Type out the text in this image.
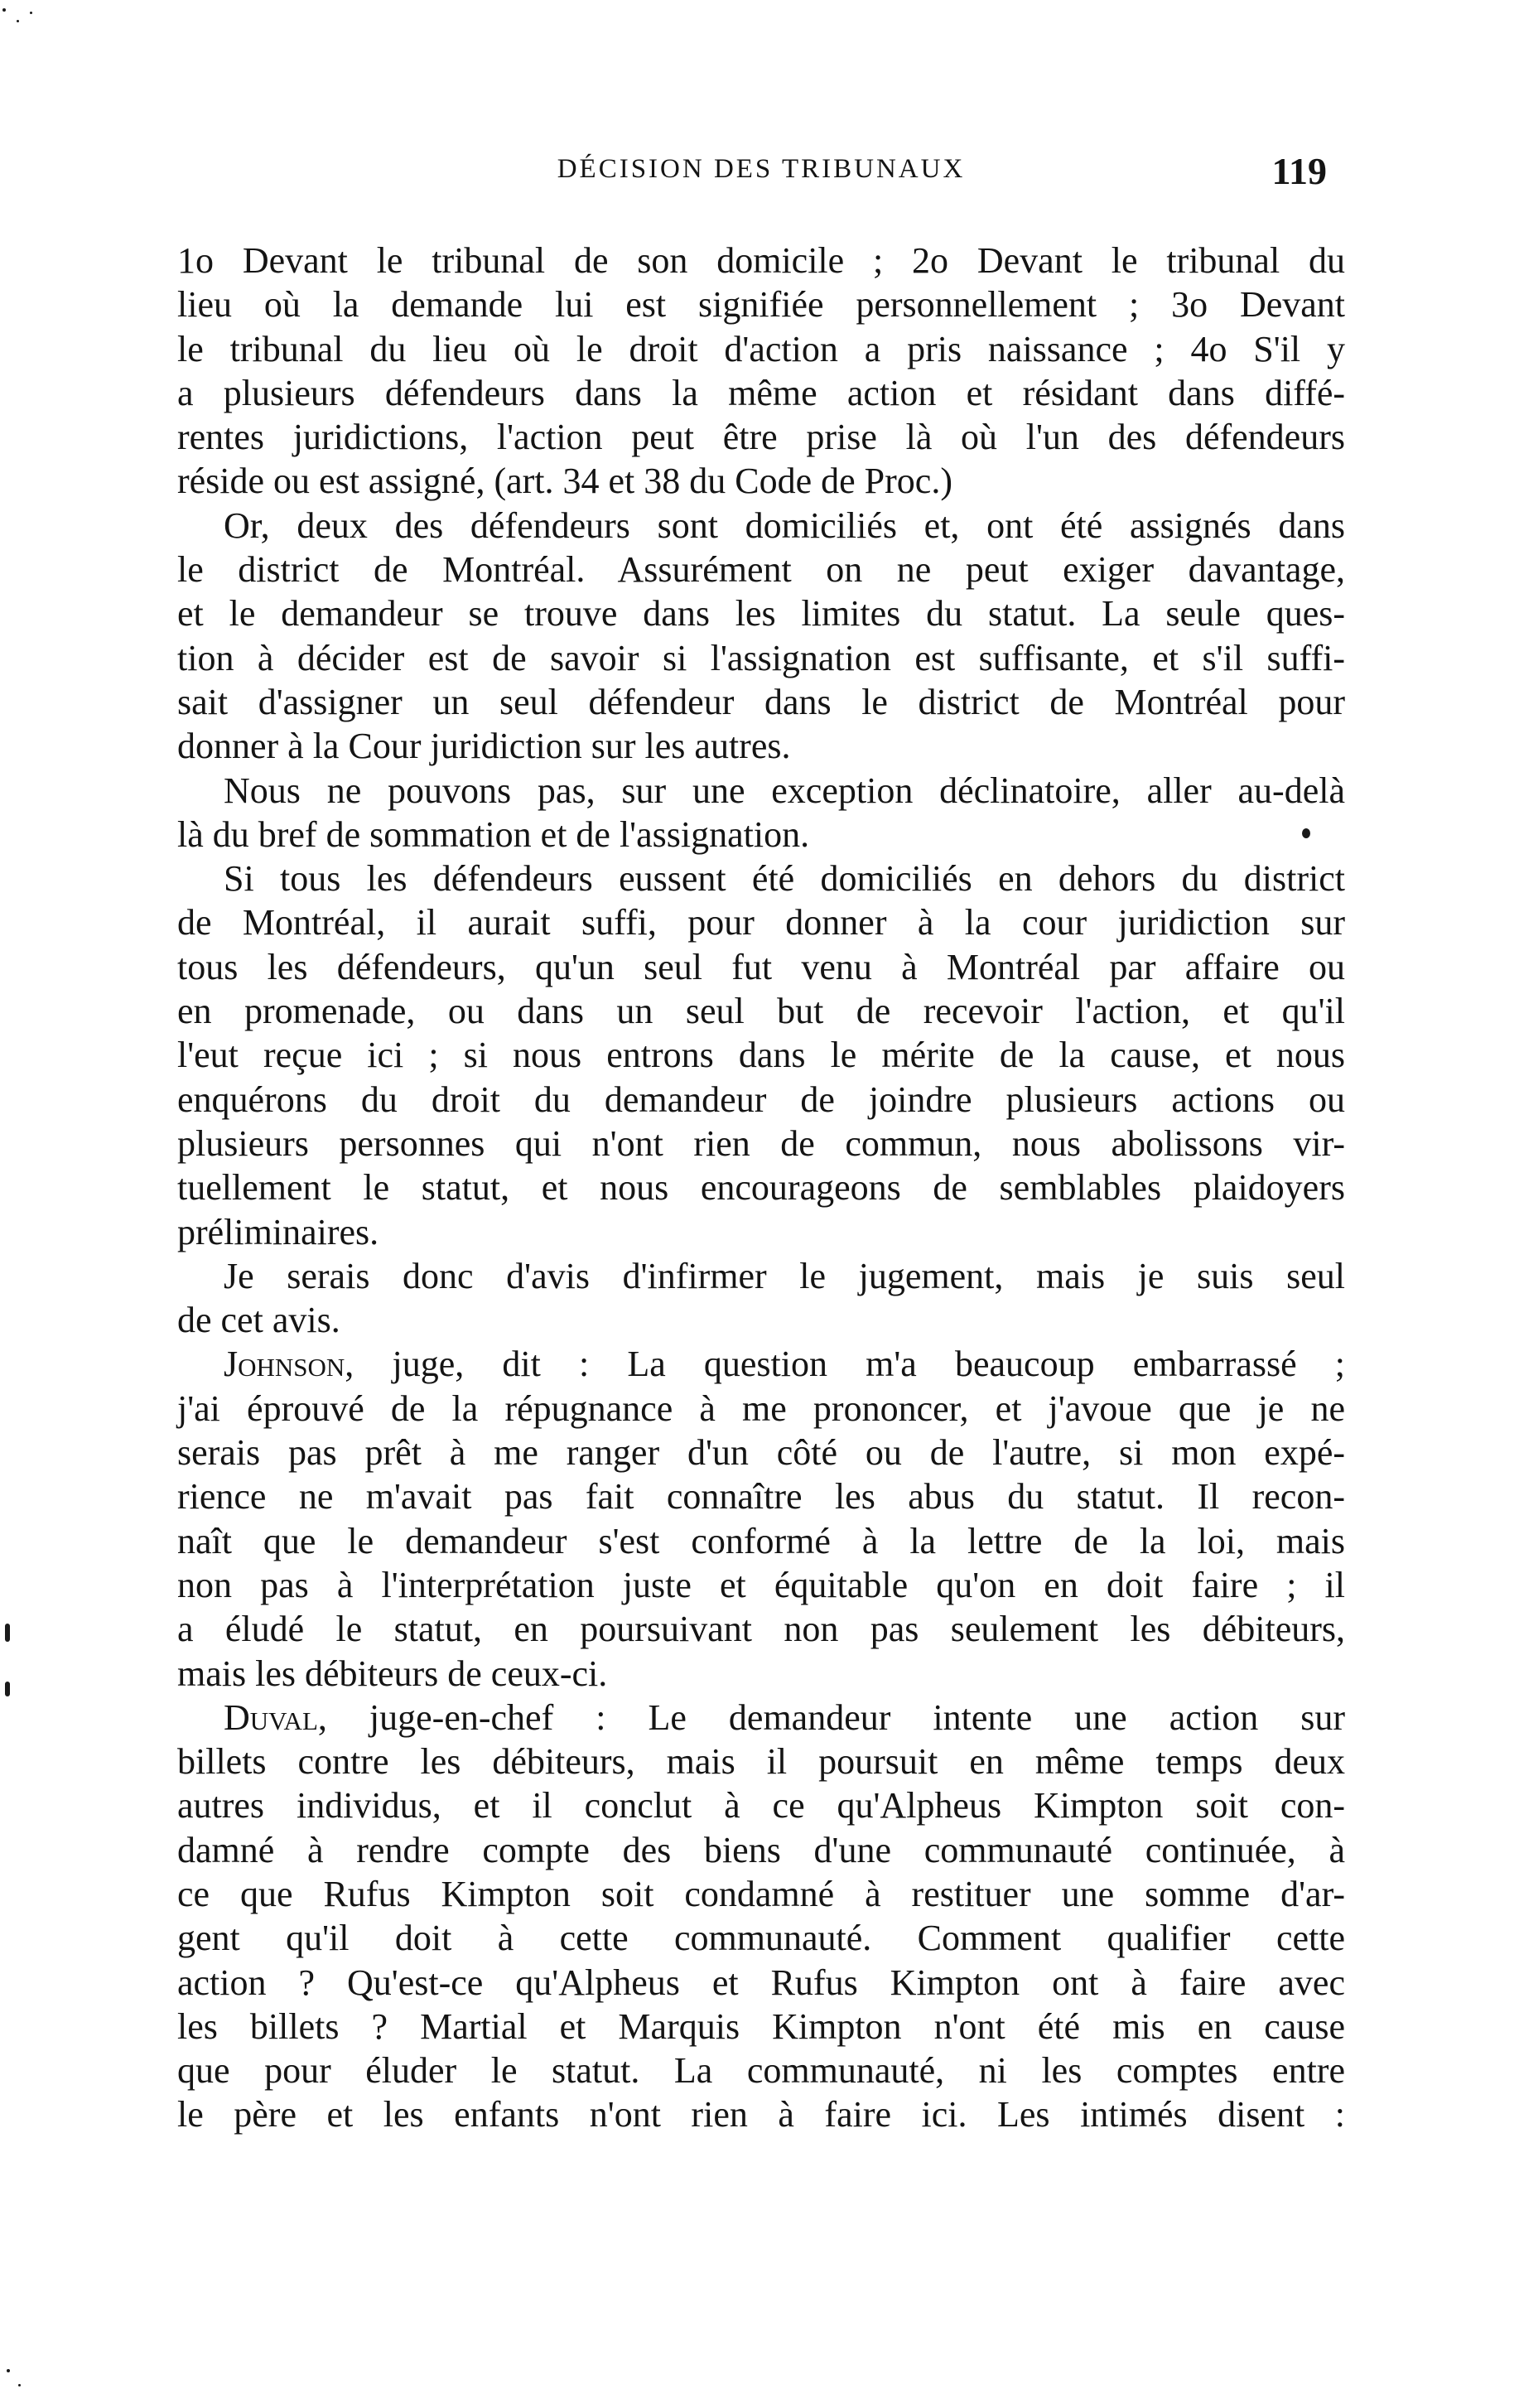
DÉCISION DES TRIBUNAUX	119
1o Devant le tribunal de son domicile ; 2o Devant le tribunal du
lieu où la demande lui est signifiée personnellement ; 3o Devant
le tribunal du lieu où le droit d'action a pris naissance ; 4o S'il y
a plusieurs défendeurs dans la même action et résidant dans diffé-
rentes juridictions, l'action peut être prise là où l'un des défendeurs
réside ou est assigné, (art. 34 et 38 du Code de Proc.)
Or, deux des défendeurs sont domiciliés et, ont été assignés dans
le district de Montréal. Assurément on ne peut exiger davantage,
et le demandeur se trouve dans les limites du statut. La seule ques-
tion à décider est de savoir si l'assignation est suffisante, et s'il suffi-
sait d'assigner un seul défendeur dans le district de Montréal pour
donner à la Cour juridiction sur les autres.
Nous ne pouvons pas, sur une exception déclinatoire, aller au-delà
là du bref de sommation et de l'assignation.
Si tous les défendeurs eussent été domiciliés en dehors du district
de Montréal, il aurait suffi, pour donner à la cour juridiction sur
tous les défendeurs, qu'un seul fut venu à Montréal par affaire ou
en promenade, ou dans un seul but de recevoir l'action, et qu'il
l'eut reçue ici ; si nous entrons dans le mérite de la cause, et nous
enquérons du droit du demandeur de joindre plusieurs actions ou
plusieurs personnes qui n'ont rien de commun, nous abolissons vir-
tuellement le statut, et nous encourageons de semblables plaidoyers
préliminaires.
Je serais donc d'avis d'infirmer le jugement, mais je suis seul
de cet avis.
Johnson, juge, dit : La question m'a beaucoup embarrassé ;
j'ai éprouvé de la répugnance à me prononcer, et j'avoue que je ne
serais pas prêt à me ranger d'un côté ou de l'autre, si mon expé-
rience ne m'avait pas fait connaître les abus du statut. Il recon-
naît que le demandeur s'est conformé à la lettre de la loi, mais
non pas à l'interprétation juste et équitable qu'on en doit faire ; il
a éludé le statut, en poursuivant non pas seulement les débiteurs,
mais les débiteurs de ceux-ci.
Duval, juge-en-chef : Le demandeur intente une action sur
billets contre les débiteurs, mais il poursuit en même temps deux
autres individus, et il conclut à ce qu'Alpheus Kimpton soit con-
damné à rendre compte des biens d'une communauté continuée, à
ce que Rufus Kimpton soit condamné à restituer une somme d'ar-
gent qu'il doit à cette communauté. Comment qualifier cette
action ? Qu'est-ce qu'Alpheus et Rufus Kimpton ont à faire avec
les billets ? Martial et Marquis Kimpton n'ont été mis en cause
que pour éluder le statut. La communauté, ni les comptes entre
le père et les enfants n'ont rien à faire ici. Les intimés disent :
